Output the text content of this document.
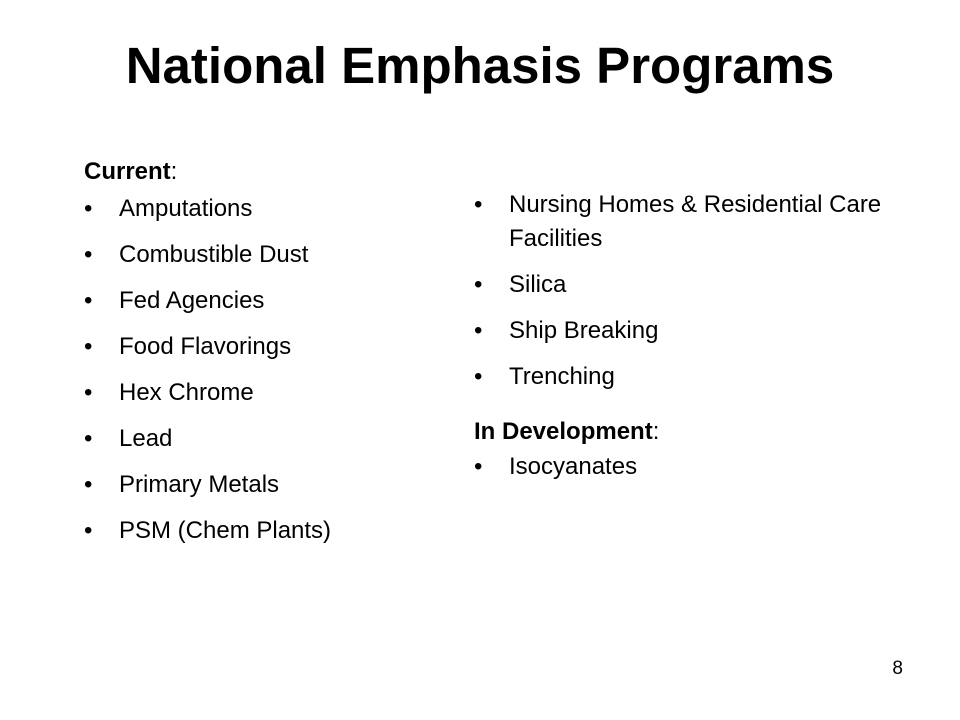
National Emphasis Programs
Current:
• Amputations
• Combustible Dust
• Fed Agencies
• Food Flavorings
• Hex Chrome
• Lead
• Primary Metals
• PSM (Chem Plants)
• Nursing Homes & Residential Care Facilities
• Silica
• Ship Breaking
• Trenching
In Development:
• Isocyanates
8
